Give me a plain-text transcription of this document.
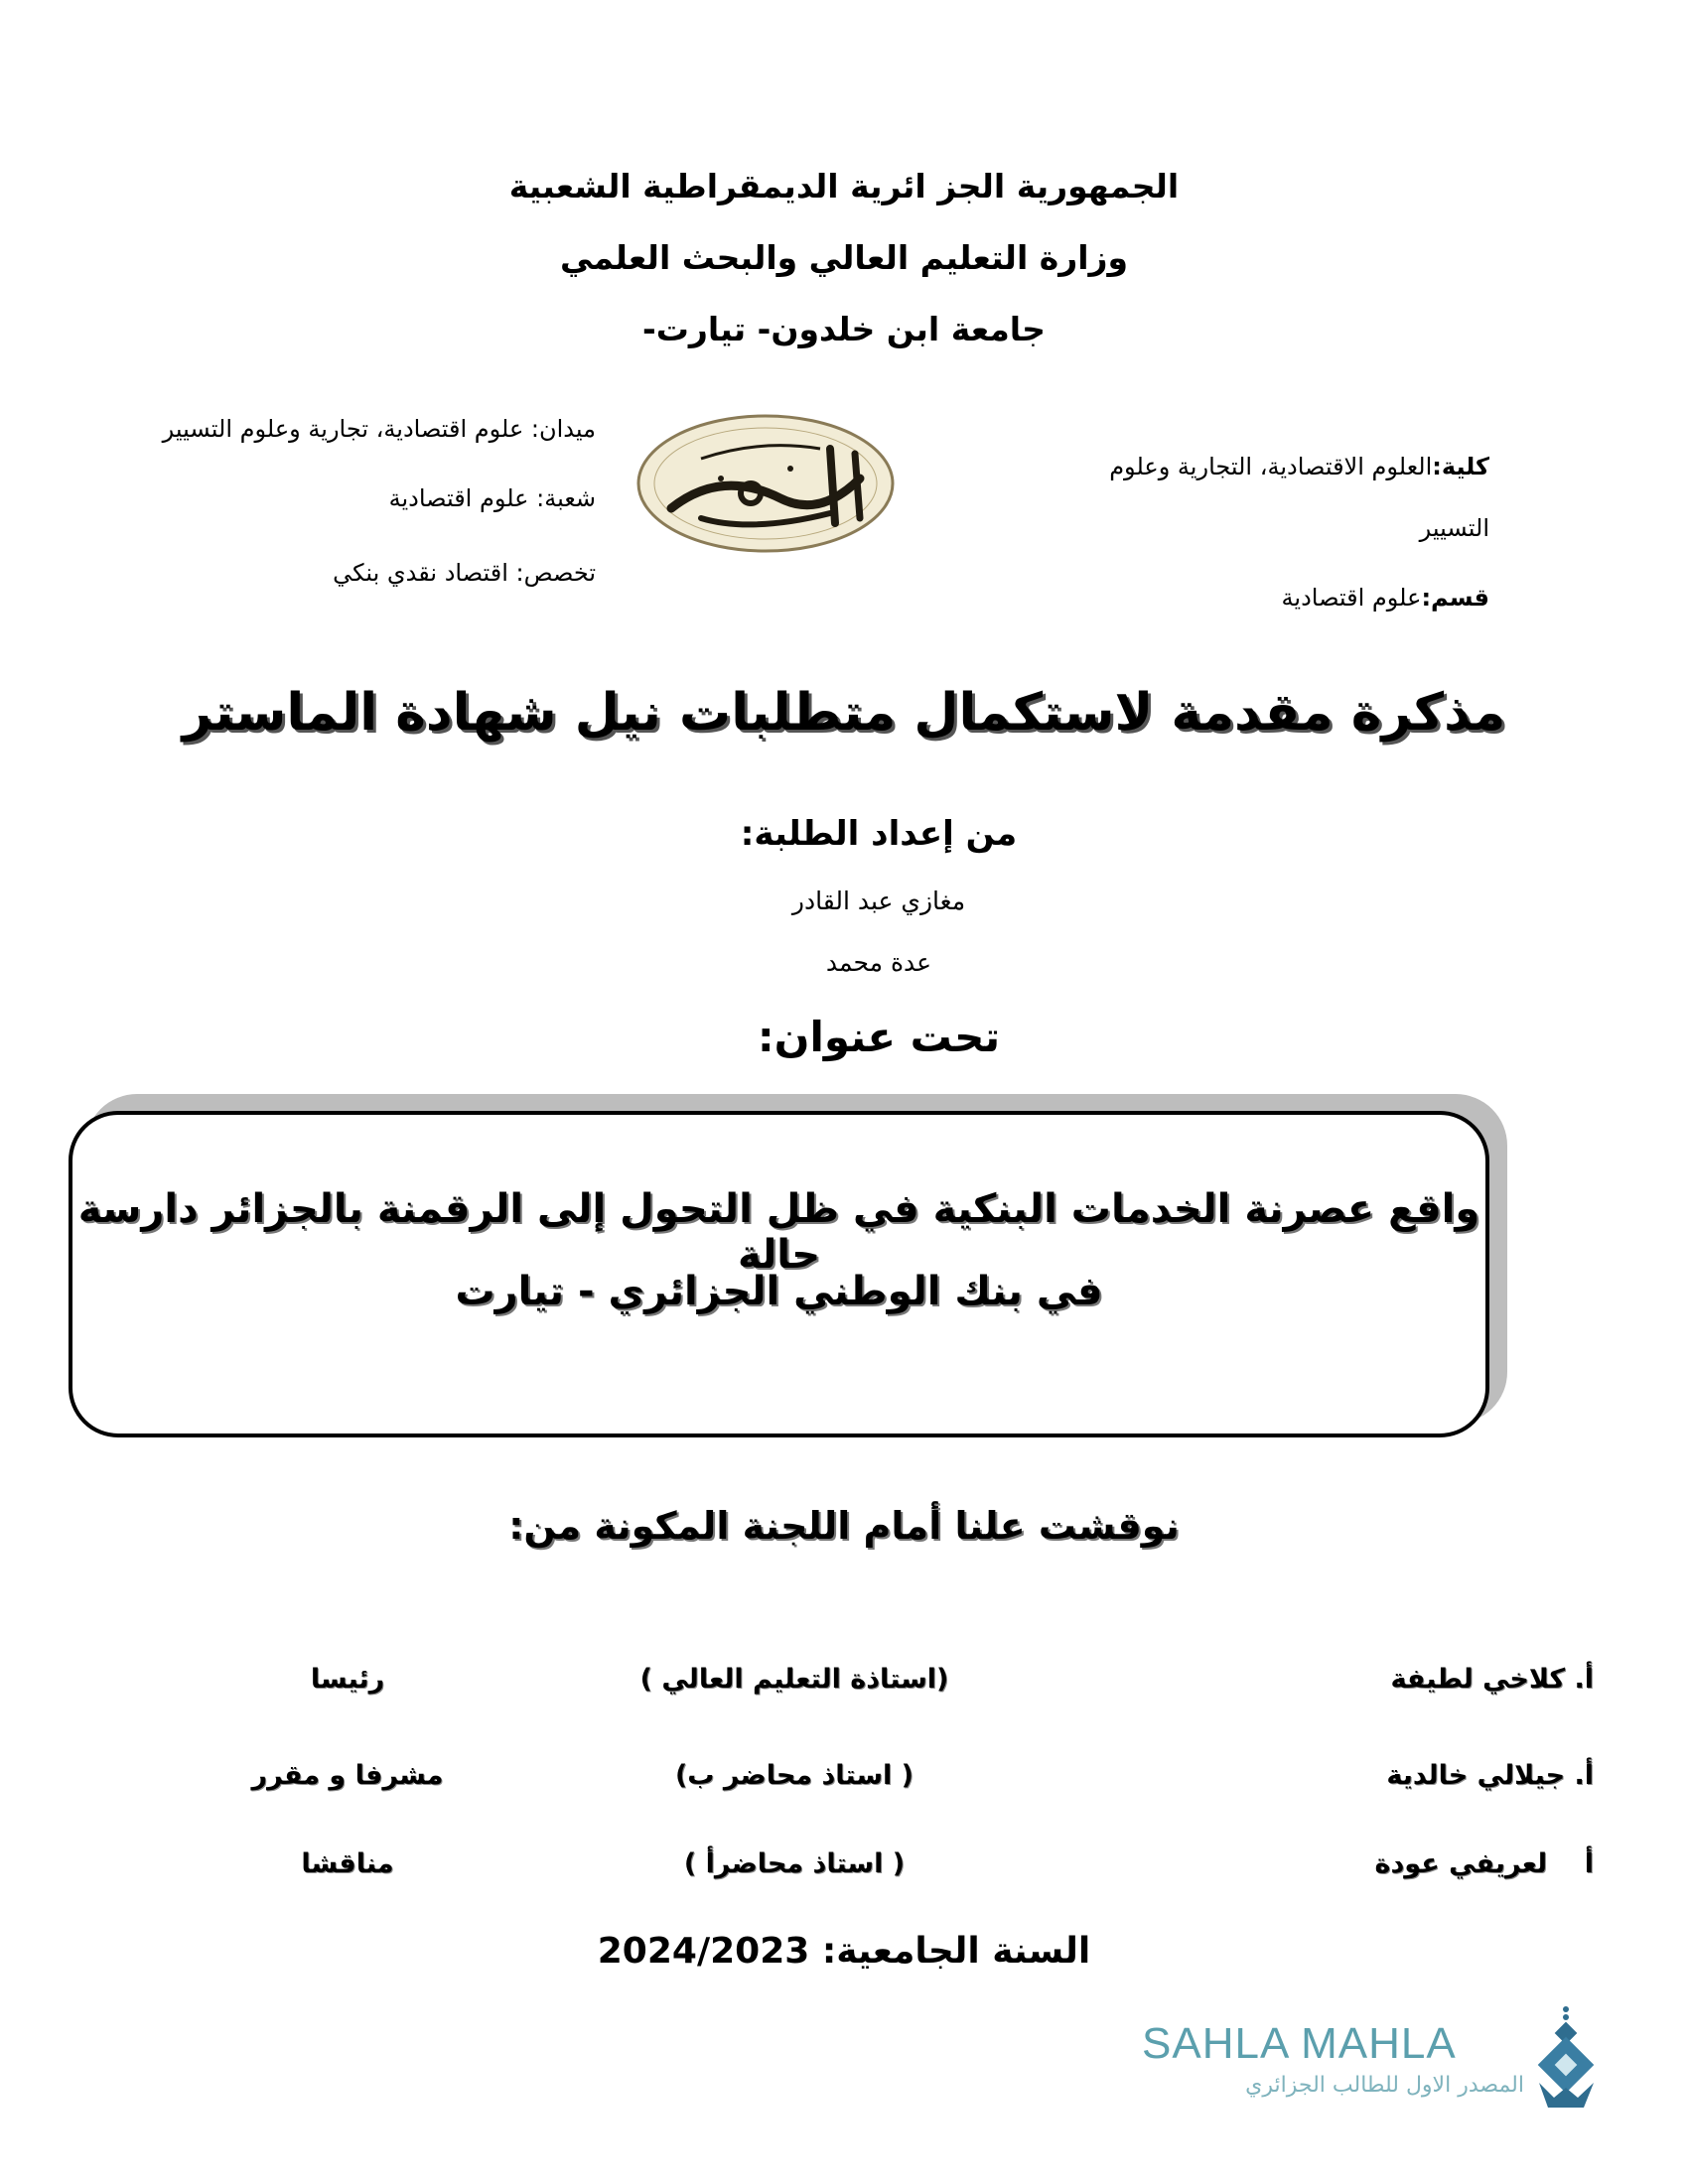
الجمهورية الجز ائرية الديمقراطية الشعبية
وزارة التعليم العالي والبحث العلمي
جامعة ابن خلدون- تيارت-
كلية:العلوم الاقتصادية، التجارية وعلوم
التسيير
قسم:علوم اقتصادية
ميدان: علوم اقتصادية، تجارية وعلوم التسيير
شعبة: علوم اقتصادية
تخصص: اقتصاد نقدي بنكي
مذكرة مقدمة لاستكمال متطلبات نيل شهادة الماستر
من إعداد الطلبة:
مغازي عبد القادر
عدة محمد
تحت عنوان:
واقع عصرنة الخدمات البنكية في ظل التحول إلى الرقمنة بالجزائر دارسة حالة
في بنك الوطني الجزائري - تيارت
نوقشت علنا أمام اللجنة المكونة من:
أ. كلاخي لطيفة
(استاذة التعليم العالي )
رئيسا
أ. جيلالي خالدية
( استاذ محاضر ب)
مشرفا و مقرر
أ    لعريفي عودة
( استاذ محاضرأ )
مناقشا
السنة الجامعية: 2024/2023
SAHLA MAHLA
المصدر الاول للطالب الجزائري
